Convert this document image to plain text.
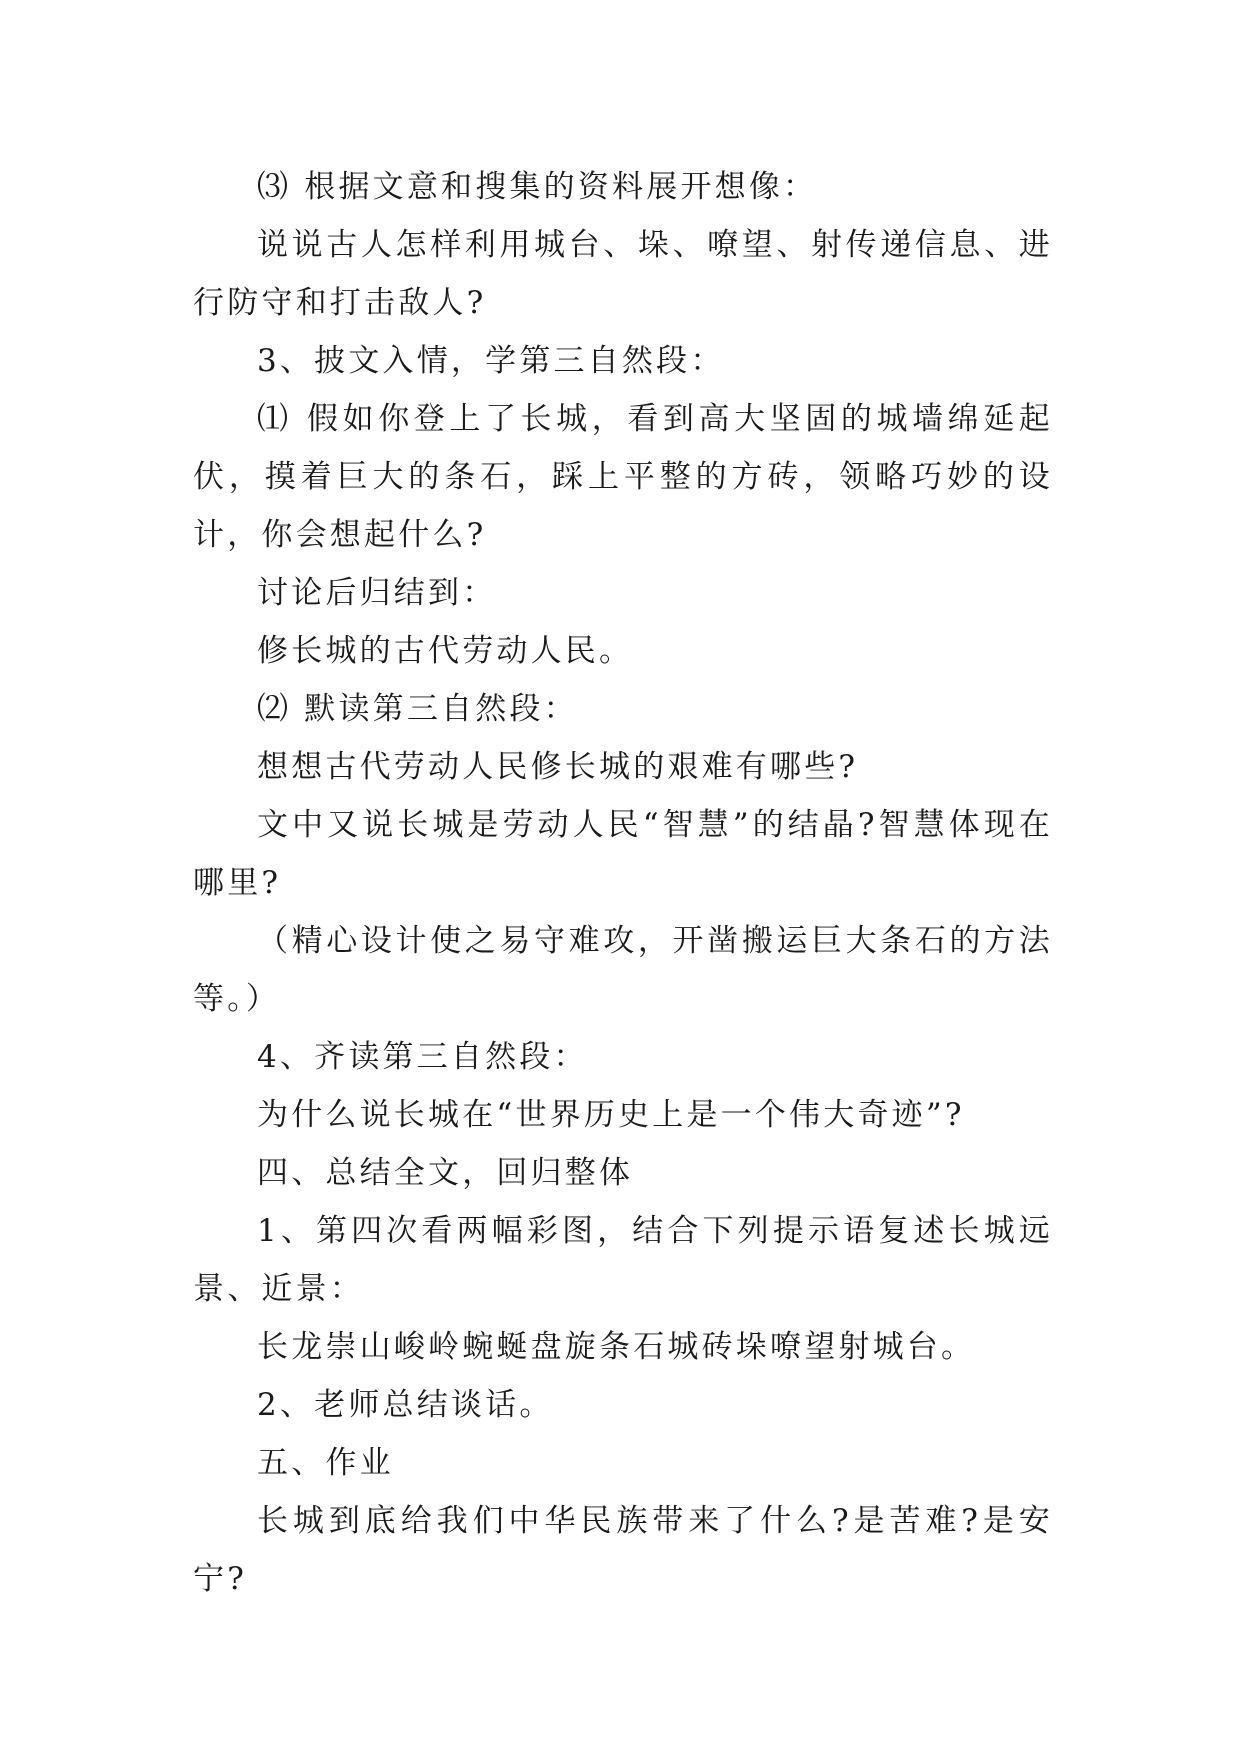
⑶ 根据文意和搜集的资料展开想像：

说说古人怎样利用城台、垛、嘹望、射传递信息、进行防守和打击敌人?

3、披文入情，学第三自然段：

⑴ 假如你登上了长城，看到高大坚固的城墙绵延起伏，摸着巨大的条石，踩上平整的方砖，领略巧妙的设计，你会想起什么?

讨论后归结到：

修长城的古代劳动人民。

⑵ 默读第三自然段：

想想古代劳动人民修长城的艰难有哪些?

文中又说长城是劳动人民“智慧”的结晶?智慧体现在哪里?

（精心设计使之易守难攻，开凿搬运巨大条石的方法等。）

4、齐读第三自然段：

为什么说长城在“世界历史上是一个伟大奇迹”?

四、总结全文，回归整体

1、第四次看两幅彩图，结合下列提示语复述长城远景、近景：

长龙崇山峻岭蜿蜒盘旋条石城砖垛嘹望射城台。

2、老师总结谈话。

五、作业

长城到底给我们中华民族带来了什么?是苦难?是安宁?
